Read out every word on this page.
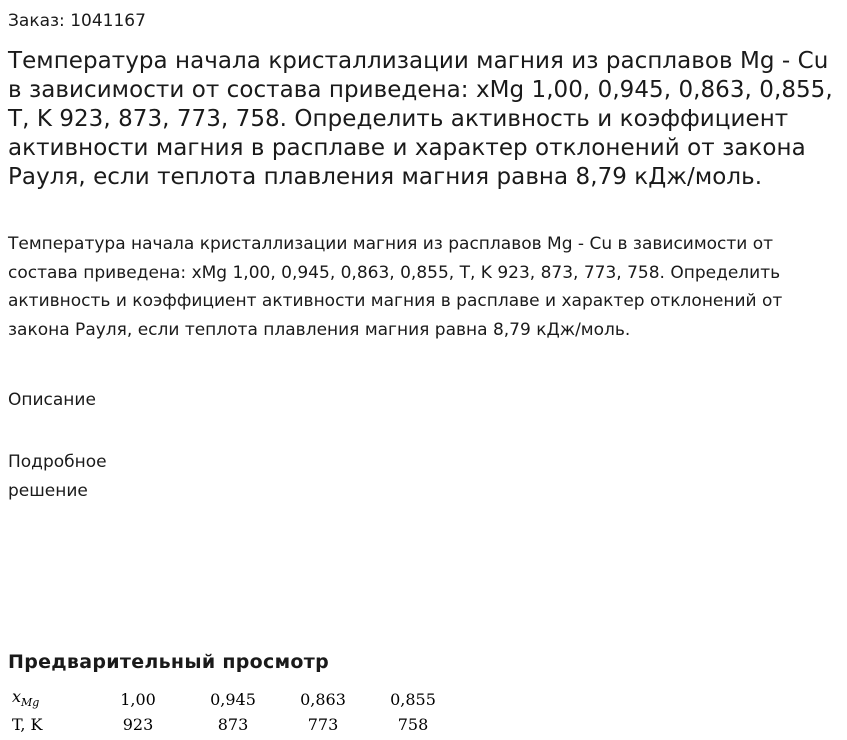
Заказ: 1041167
Температура начала кристаллизации магния из расплавов Mg - Cu в зависимости от состава приведена: xMg 1,00, 0,945, 0,863, 0,855, T, K 923, 873, 773, 758. Определить активность и коэффициент активности магния в расплаве и характер отклонений от закона Рауля, если теплота плавления магния равна 8,79 кДж/моль.

Температура начала кристаллизации магния из расплавов Mg - Cu в зависимости от состава приведена: xMg 1,00, 0,945, 0,863, 0,855, T, K 923, 873, 773, 758. Определить активность и коэффициент активности магния в расплаве и характер отклонений от закона Рауля, если теплота плавления магния равна 8,79 кДж/моль.

Описание
Подробное решение
Предварительный просмотр
$x_{Mg}$	1,00	0,945	0,863	0,855
T, K	923	873	773	758
